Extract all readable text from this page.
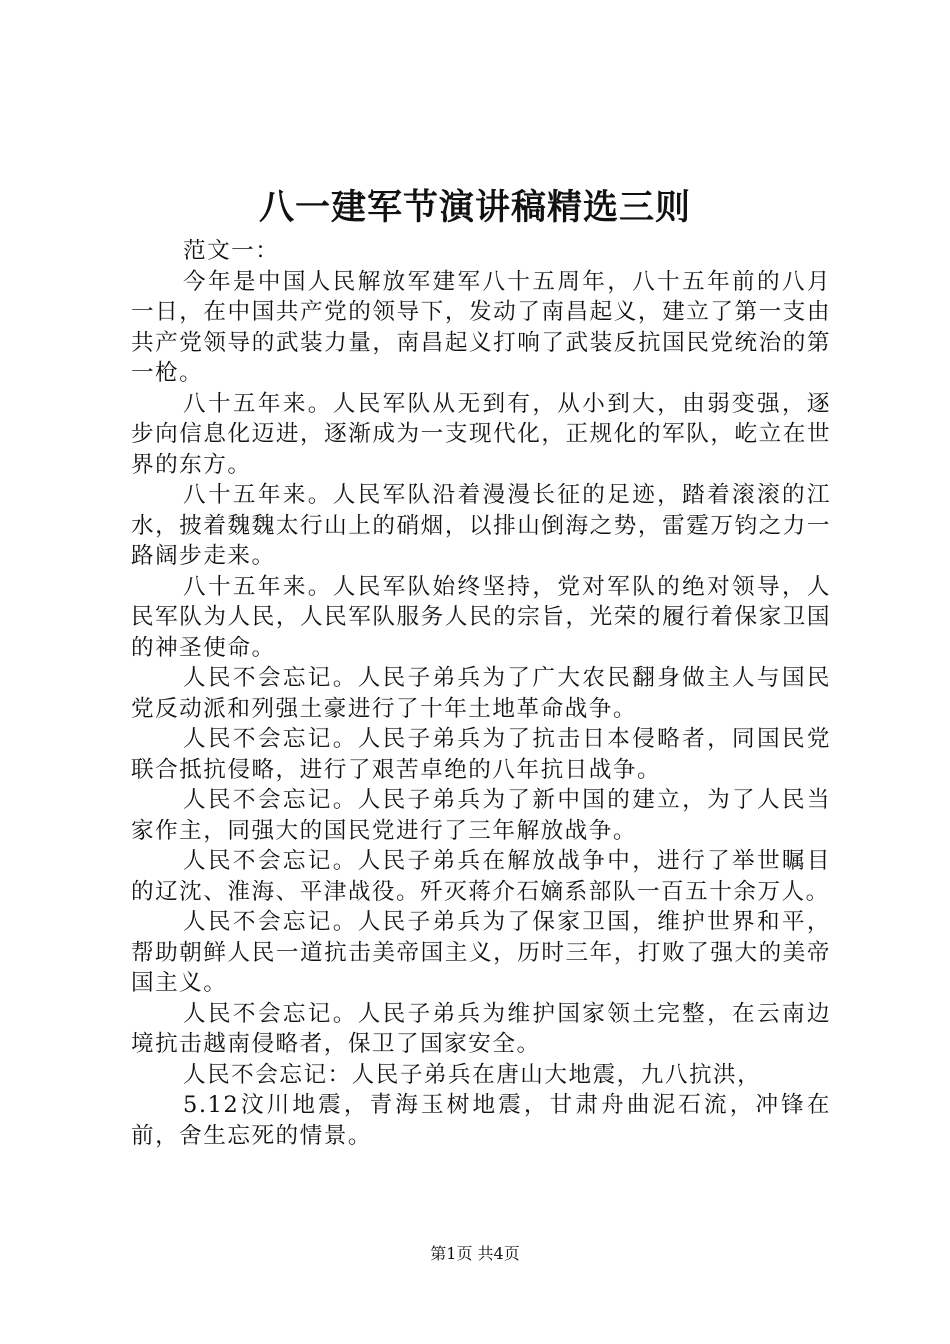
八一建军节演讲稿精选三则

范文一：

今年是中国人民解放军建军八十五周年，八十五年前的八月一日，在中国共产党的领导下，发动了南昌起义，建立了第一支由共产党领导的武装力量，南昌起义打响了武装反抗国民党统治的第一枪。

八十五年来。人民军队从无到有，从小到大，由弱变强，逐步向信息化迈进，逐渐成为一支现代化，正规化的军队，屹立在世界的东方。

八十五年来。人民军队沿着漫漫长征的足迹，踏着滚滚的江水，披着魏魏太行山上的硝烟，以排山倒海之势，雷霆万钧之力一路阔步走来。

八十五年来。人民军队始终坚持，党对军队的绝对领导，人民军队为人民，人民军队服务人民的宗旨，光荣的履行着保家卫国的神圣使命。

人民不会忘记。人民子弟兵为了广大农民翻身做主人与国民党反动派和列强土豪进行了十年土地革命战争。

人民不会忘记。人民子弟兵为了抗击日本侵略者，同国民党联合抵抗侵略，进行了艰苦卓绝的八年抗日战争。

人民不会忘记。人民子弟兵为了新中国的建立，为了人民当家作主，同强大的国民党进行了三年解放战争。

人民不会忘记。人民子弟兵在解放战争中，进行了举世瞩目的辽沈、淮海、平津战役。歼灭蒋介石嫡系部队一百五十余万人。

人民不会忘记。人民子弟兵为了保家卫国，维护世界和平，帮助朝鲜人民一道抗击美帝国主义，历时三年，打败了强大的美帝国主义。

人民不会忘记。人民子弟兵为维护国家领土完整，在云南边境抗击越南侵略者，保卫了国家安全。

人民不会忘记：人民子弟兵在唐山大地震，九八抗洪，

5.12汶川地震，青海玉树地震，甘肃舟曲泥石流，冲锋在前，舍生忘死的情景。

第1页 共4页
